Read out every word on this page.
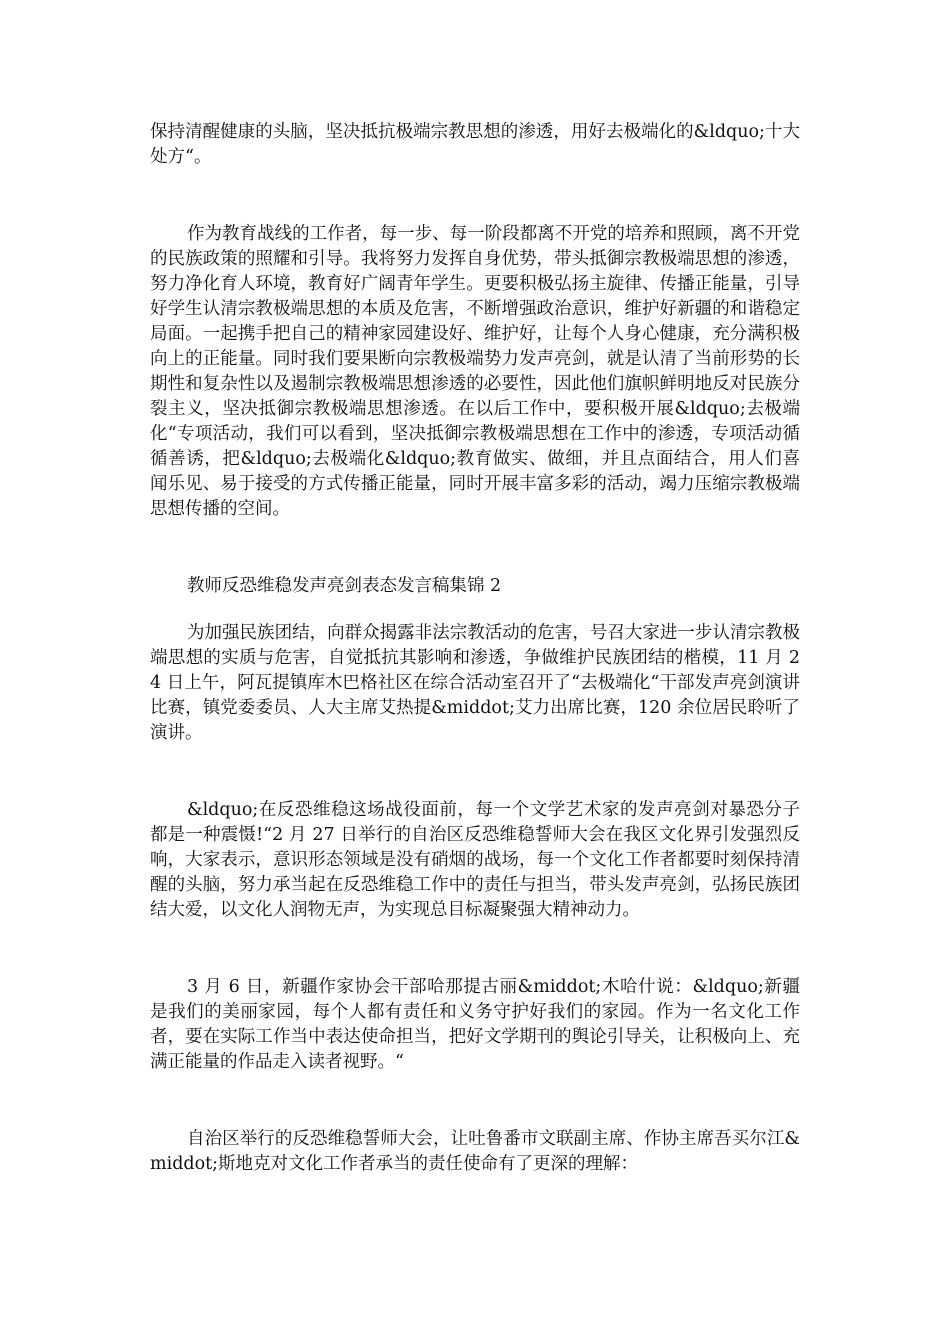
保持清醒健康的头脑，坚决抵抗极端宗教思想的渗透，用好去极端化的&ldquo;十大处方“。

作为教育战线的工作者，每一步、每一阶段都离不开党的培养和照顾，离不开党的民族政策的照耀和引导。我将努力发挥自身优势，带头抵御宗教极端思想的渗透，努力净化育人环境，教育好广阔青年学生。更要积极弘扬主旋律、传播正能量，引导好学生认清宗教极端思想的本质及危害，不断增强政治意识，维护好新疆的和谐稳定局面。一起携手把自己的精神家园建设好、维护好，让每个人身心健康，充分满积极向上的正能量。同时我们要果断向宗教极端势力发声亮剑，就是认清了当前形势的长期性和复杂性以及遏制宗教极端思想渗透的必要性，因此他们旗帜鲜明地反对民族分裂主义，坚决抵御宗教极端思想渗透。在以后工作中，要积极开展&ldquo;去极端化“专项活动，我们可以看到，坚决抵御宗教极端思想在工作中的渗透，专项活动循循善诱，把&ldquo;去极端化&ldquo;教育做实、做细，并且点面结合，用人们喜闻乐见、易于接受的方式传播正能量，同时开展丰富多彩的活动，竭力压缩宗教极端思想传播的空间。

教师反恐维稳发声亮剑表态发言稿集锦 2

为加强民族团结，向群众揭露非法宗教活动的危害，号召大家进一步认清宗教极端思想的实质与危害，自觉抵抗其影响和渗透，争做维护民族团结的楷模，11 月 24 日上午，阿瓦提镇库木巴格社区在综合活动室召开了“去极端化“干部发声亮剑演讲比赛，镇党委委员、人大主席艾热提&middot;艾力出席比赛，120 余位居民聆听了演讲。

&ldquo;在反恐维稳这场战役面前，每一个文学艺术家的发声亮剑对暴恐分子都是一种震慑!“2 月 27 日举行的自治区反恐维稳誓师大会在我区文化界引发强烈反响，大家表示，意识形态领域是没有硝烟的战场，每一个文化工作者都要时刻保持清醒的头脑，努力承当起在反恐维稳工作中的责任与担当，带头发声亮剑，弘扬民族团结大爱，以文化人润物无声，为实现总目标凝聚强大精神动力。

3 月 6 日，新疆作家协会干部哈那提古丽&middot;木哈什说：&ldquo;新疆是我们的美丽家园，每个人都有责任和义务守护好我们的家园。作为一名文化工作者，要在实际工作当中表达使命担当，把好文学期刊的舆论引导关，让积极向上、充满正能量的作品走入读者视野。“

自治区举行的反恐维稳誓师大会，让吐鲁番市文联副主席、作协主席吾买尔江&middot;斯地克对文化工作者承当的责任使命有了更深的理解：
